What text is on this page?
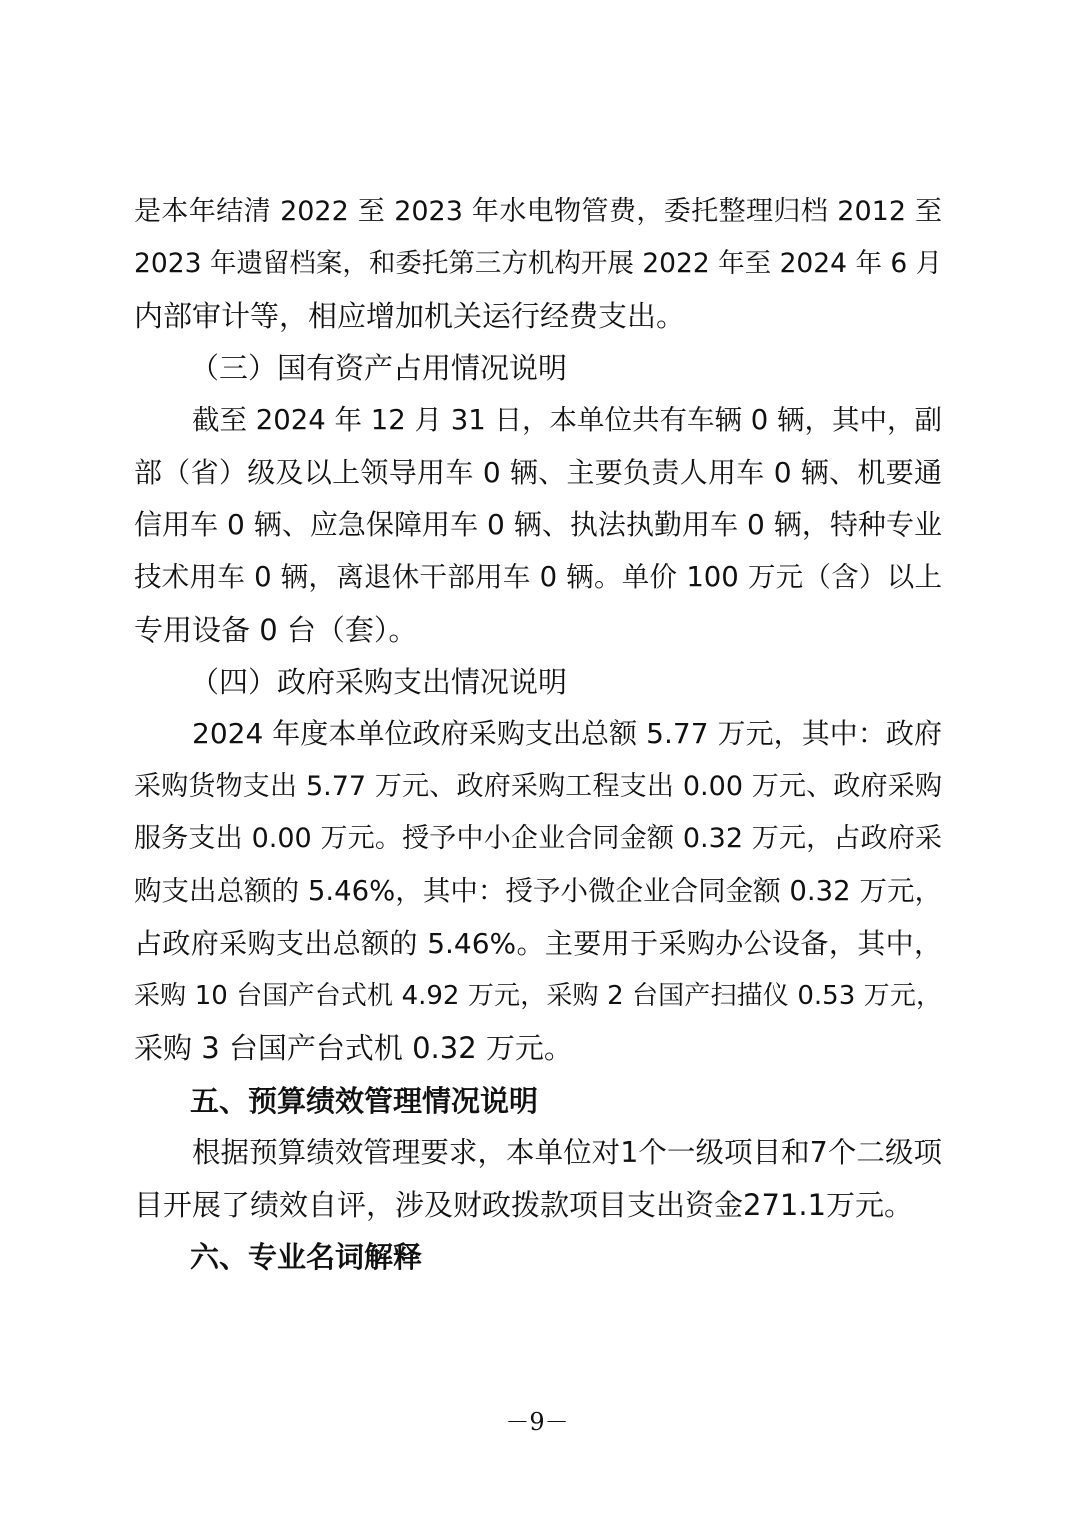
是本年结清 2022 至 2023 年水电物管费，委托整理归档 2012 至
2023 年遗留档案，和委托第三方机构开展 2022 年至 2024 年 6 月
内部审计等，相应增加机关运行经费支出。
（三）国有资产占用情况说明
截至 2024 年 12 月 31 日，本单位共有车辆 0 辆，其中，副
部（省）级及以上领导用车 0 辆、主要负责人用车 0 辆、机要通
信用车 0 辆、应急保障用车 0 辆、执法执勤用车 0 辆，特种专业
技术用车 0 辆，离退休干部用车 0 辆。单价 100 万元（含）以上
专用设备 0 台（套）。
（四）政府采购支出情况说明
2024 年度本单位政府采购支出总额 5.77 万元，其中：政府
采购货物支出 5.77 万元、政府采购工程支出 0.00 万元、政府采购
服务支出 0.00 万元。授予中小企业合同金额 0.32 万元，占政府采
购支出总额的 5.46%，其中：授予小微企业合同金额 0.32 万元，
占政府采购支出总额的 5.46%。主要用于采购办公设备，其中，
采购 10 台国产台式机 4.92 万元，采购 2 台国产扫描仪 0.53 万元，
采购 3 台国产台式机 0.32 万元。
五、预算绩效管理情况说明
根据预算绩效管理要求，本单位对1个一级项目和7个二级项
目开展了绩效自评，涉及财政拨款项目支出资金271.1万元。
六、专业名词解释
－9－
